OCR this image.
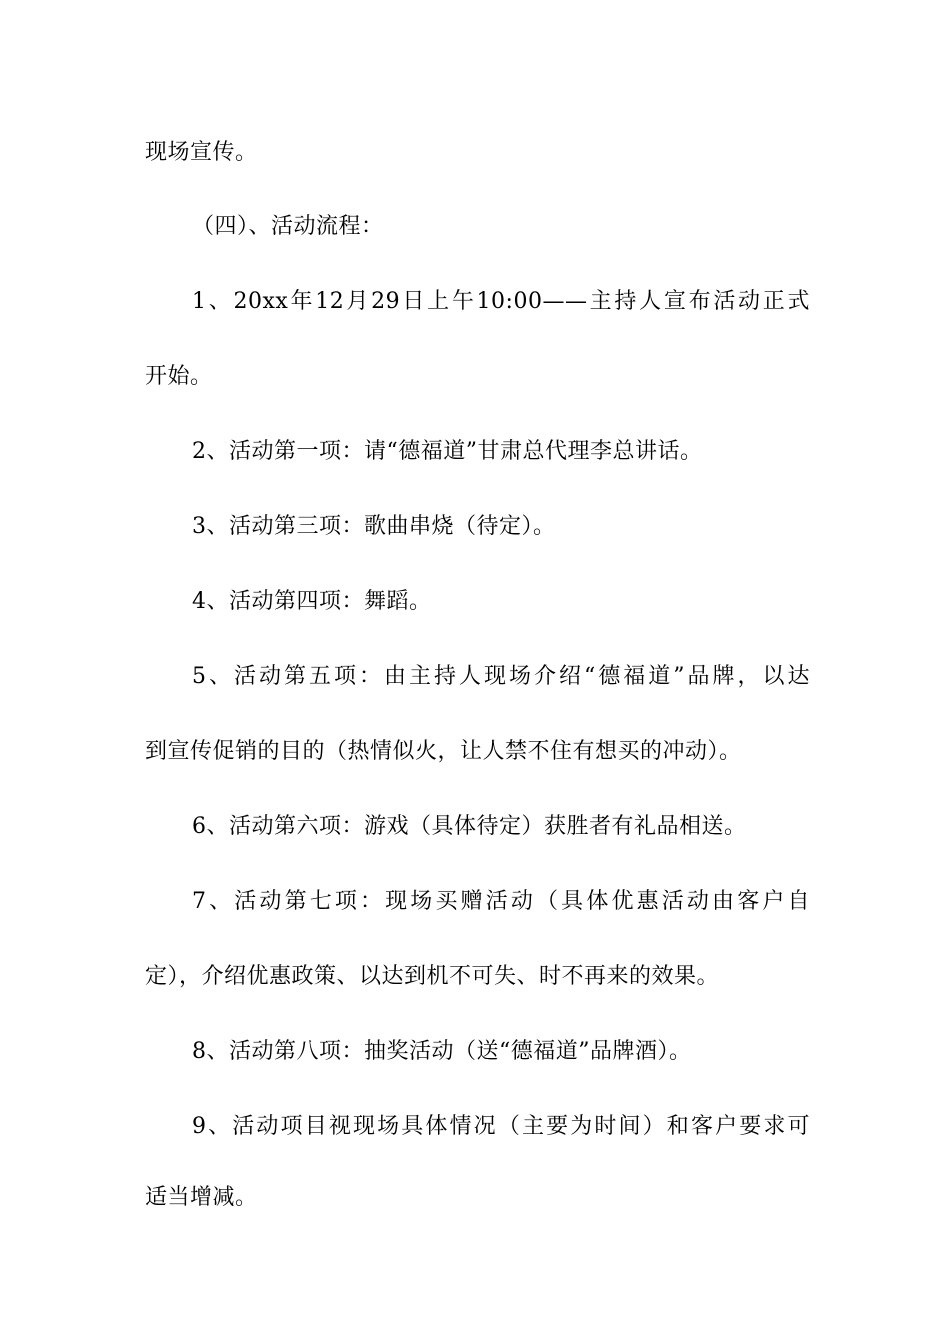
现场宣传。
（四）、活动流程：
1、20xx年12月29日上午10:00——主持人宣布活动正式
开始。
2、活动第一项：请“德福道”甘肃总代理李总讲话。
3、活动第三项：歌曲串烧（待定）。
4、活动第四项：舞蹈。
5、活动第五项：由主持人现场介绍“德福道”品牌，以达
到宣传促销的目的（热情似火，让人禁不住有想买的冲动）。
6、活动第六项：游戏（具体待定）获胜者有礼品相送。
7、活动第七项：现场买赠活动（具体优惠活动由客户自
定），介绍优惠政策、以达到机不可失、时不再来的效果。
8、活动第八项：抽奖活动（送“德福道”品牌酒）。
9、活动项目视现场具体情况（主要为时间）和客户要求可
适当增减。
